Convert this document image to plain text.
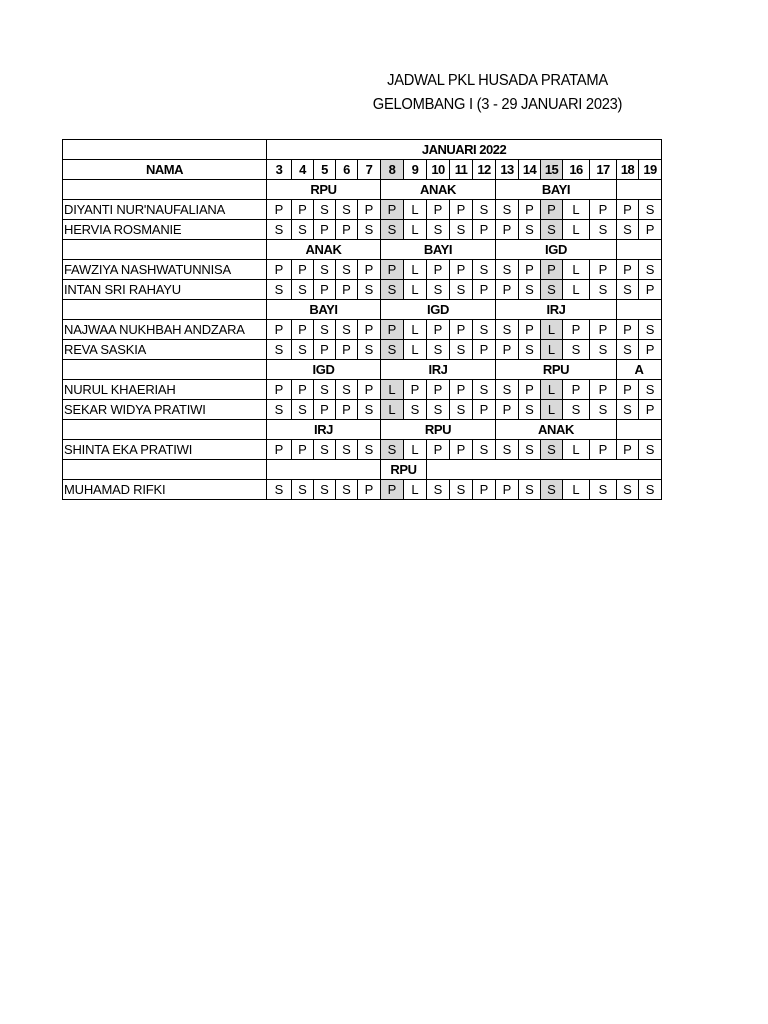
JADWAL PKL HUSADA PRATAMA
GELOMBANG I (3 - 29 JANUARI 2023)
	JANUARI 2022																
NAMA	3	4	5	6	7	8	9	10	11	12	13	14	15	16	17	18	19
	RPU					ANAK					BAYI						
DIYANTI NUR'NAUFALIANA	P	P	S	S	P	P	L	P	P	S	S	P	P	L	P	P	S
HERVIA ROSMANIE	S	S	P	P	S	S	L	S	S	P	P	S	S	L	S	S	P
	ANAK					BAYI					IGD						
FAWZIYA NASHWATUNNISA	P	P	S	S	P	P	L	P	P	S	S	P	P	L	P	P	S
INTAN SRI RAHAYU	S	S	P	P	S	S	L	S	S	P	P	S	S	L	S	S	P
	BAYI					IGD					IRJ						
NAJWAA NUKHBAH ANDZARA	P	P	S	S	P	P	L	P	P	S	S	P	L	P	P	P	S
REVA SASKIA	S	S	P	P	S	S	L	S	S	P	P	S	L	S	S	S	P
	IGD					IRJ					RPU					A	
NURUL KHAERIAH	P	P	S	S	P	L	P	P	P	S	S	P	L	P	P	P	S
SEKAR WIDYA PRATIWI	S	S	P	P	S	L	S	S	S	P	P	S	L	S	S	S	P
	IRJ					RPU					ANAK						
SHINTA EKA PRATIWI	P	P	S	S	S	S	L	P	P	S	S	S	S	L	P	P	S
						RPU											
MUHAMAD RIFKI	S	S	S	S	P	P	L	S	S	P	P	S	S	L	S	S	S
